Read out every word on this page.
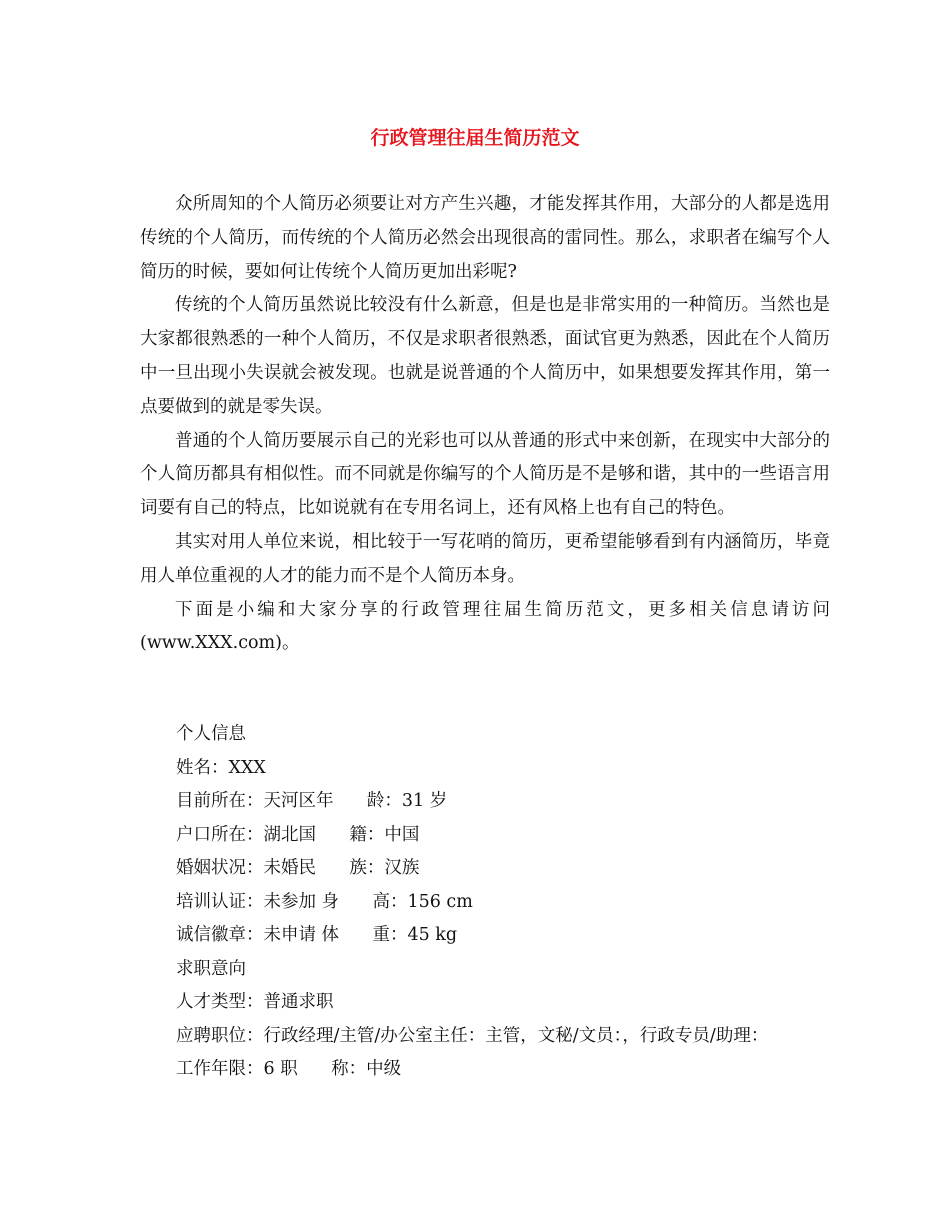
行政管理往届生简历范文

众所周知的个人简历必须要让对方产生兴趣，才能发挥其作用，大部分的人都是选用传统的个人简历，而传统的个人简历必然会出现很高的雷同性。那么，求职者在编写个人简历的时候，要如何让传统个人简历更加出彩呢?

传统的个人简历虽然说比较没有什么新意，但是也是非常实用的一种简历。当然也是大家都很熟悉的一种个人简历，不仅是求职者很熟悉，面试官更为熟悉，因此在个人简历中一旦出现小失误就会被发现。也就是说普通的个人简历中，如果想要发挥其作用，第一点要做到的就是零失误。

普通的个人简历要展示自己的光彩也可以从普通的形式中来创新，在现实中大部分的个人简历都具有相似性。而不同就是你编写的个人简历是不是够和谐，其中的一些语言用词要有自己的特点，比如说就有在专用名词上，还有风格上也有自己的特色。

其实对用人单位来说，相比较于一写花哨的简历，更希望能够看到有内涵简历，毕竟用人单位重视的人才的能力而不是个人简历本身。

下面是小编和大家分享的行政管理往届生简历范文，更多相关信息请访问(www.XXX.com)。

个人信息
姓名：XXX
目前所在：天河区年      龄：31 岁
户口所在：湖北国      籍：中国
婚姻状况：未婚民      族：汉族
培训认证：未参加 身      高：156 cm
诚信徽章：未申请 体      重：45 kg
求职意向
人才类型：普通求职
应聘职位：行政经理/主管/办公室主任：主管，文秘/文员：，行政专员/助理：
工作年限：6 职      称：中级
